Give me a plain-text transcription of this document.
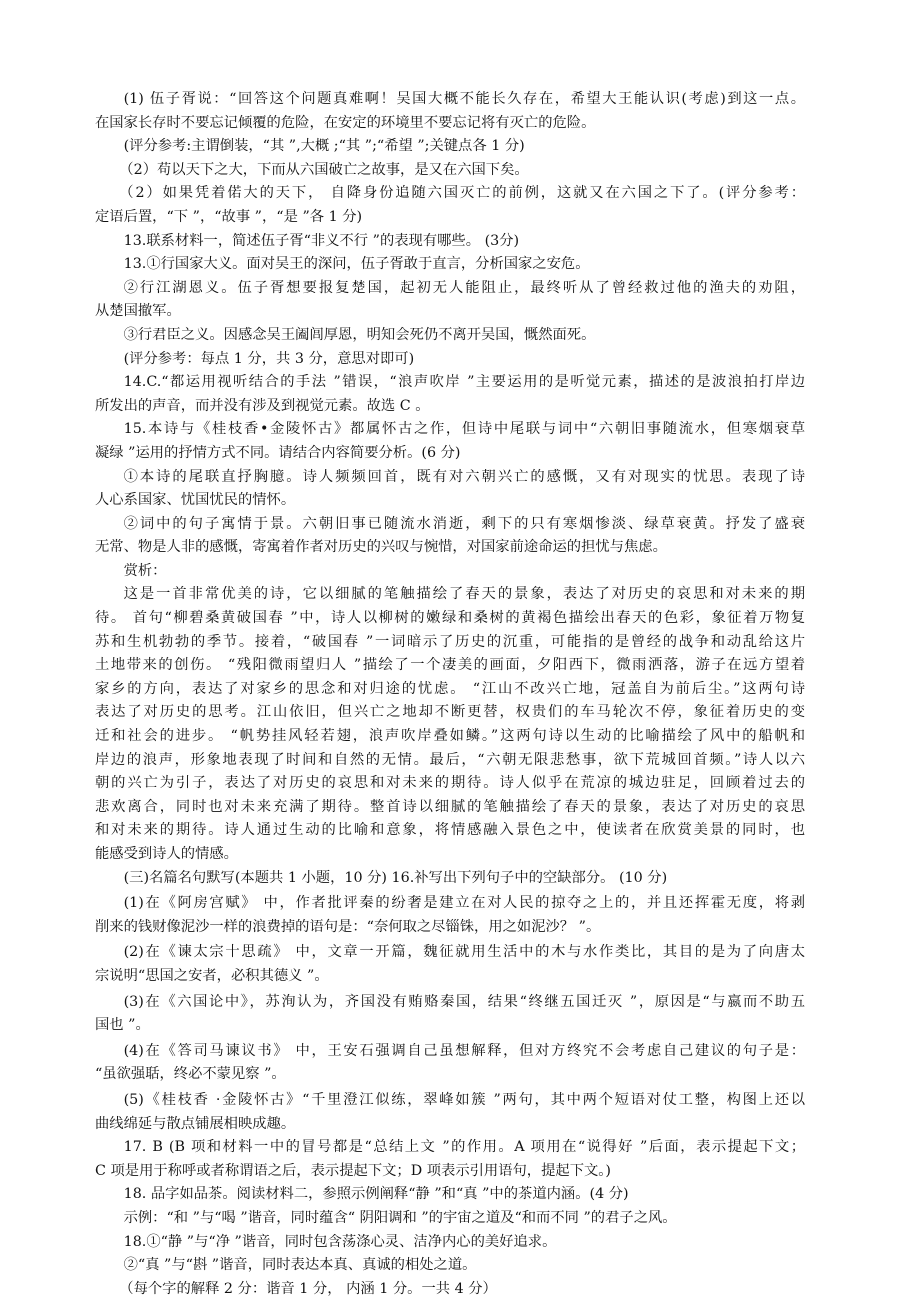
(1) 伍子胥说：“回答这个问题真难啊！吴国大概不能长久存在，希望大王能认识(考虑)到这一点。

在国家长存时不要忘记倾覆的危险，在安定的环境里不要忘记将有灭亡的危险。

(评分参考:主谓倒装，“其 ”,大概 ;“其 ”;“希望 ”;关键点各 1 分)

（2）苟以天下之大，下而从六国破亡之故事，是又在六国下矣。

（2）如果凭着偌大的天下， 自降身份追随六国灭亡的前例，这就又在六国之下了。(评分参考：

定语后置，“下 ”，“故事 ”，“是 ”各 1 分)

13.联系材料一，简述伍子胥“非义不行 ”的表现有哪些。 (3分)

13.①行国家大义。面对吴王的深问，伍子胥敢于直言，分析国家之安危。

②行江湖恩义。伍子胥想要报复楚国，起初无人能阻止，最终听从了曾经救过他的渔夫的劝阻，

从楚国撤军。

③行君臣之义。因感念吴王阖闾厚恩，明知会死仍不离开吴国，慨然面死。

(评分参考：每点 1 分，共 3 分，意思对即可)

14.C.“都运用视听结合的手法 ”错误，“浪声吹岸 ”主要运用的是听觉元素，描述的是波浪拍打岸边

所发出的声音，而并没有涉及到视觉元素。故选 C 。

15.本诗与《桂枝香•金陵怀古》都属怀古之作，但诗中尾联与词中“六朝旧事随流水，但寒烟衰草

凝绿 ”运用的抒情方式不同。请结合内容简要分析。(6 分)

①本诗的尾联直抒胸臆。诗人频频回首，既有对六朝兴亡的感慨，又有对现实的忧思。表现了诗

人心系国家、忧国忧民的情怀。

②词中的句子寓情于景。六朝旧事已随流水消逝，剩下的只有寒烟惨淡、绿草衰黄。抒发了盛衰

无常、物是人非的感慨，寄寓着作者对历史的兴叹与惋惜，对国家前途命运的担忧与焦虑。

赏析：

这是一首非常优美的诗，它以细腻的笔触描绘了春天的景象，表达了对历史的哀思和对未来的期

待。 首句“柳碧桑黄破国春 ”中，诗人以柳树的嫩绿和桑树的黄褐色描绘出春天的色彩，象征着万物复

苏和生机勃勃的季节。接着，“破国春 ”一词暗示了历史的沉重，可能指的是曾经的战争和动乱给这片

土地带来的创伤。 “残阳微雨望归人 ”描绘了一个凄美的画面，夕阳西下，微雨洒落，游子在远方望着

家乡的方向，表达了对家乡的思念和对归途的忧虑。 “江山不改兴亡地，冠盖自为前后尘。”这两句诗

表达了对历史的思考。江山依旧，但兴亡之地却不断更替，权贵们的车马轮次不停，象征着历史的变

迁和社会的进步。 “帆势挂风轻若翅，浪声吹岸叠如鳞。”这两句诗以生动的比喻描绘了风中的船帆和

岸边的浪声，形象地表现了时间和自然的无情。最后，“六朝无限悲愁事，欲下荒城回首频。”诗人以六

朝的兴亡为引子，表达了对历史的哀思和对未来的期待。诗人似乎在荒凉的城边驻足，回顾着过去的

悲欢离合，同时也对未来充满了期待。整首诗以细腻的笔触描绘了春天的景象，表达了对历史的哀思

和对未来的期待。诗人通过生动的比喻和意象，将情感融入景色之中，使读者在欣赏美景的同时，也

能感受到诗人的情感。

(三)名篇名句默写(本题共 1 小题，10 分) 16.补写出下列句子中的空缺部分。 (10 分)

(1)在《阿房宫赋》 中，作者批评秦的纷奢是建立在对人民的掠夺之上的，并且还挥霍无度，将剥

削来的钱财像泥沙一样的浪费掉的语句是：“奈何取之尽锱铢，用之如泥沙？ ”。

(2)在《谏太宗十思疏》 中，文章一开篇，魏征就用生活中的木与水作类比，其目的是为了向唐太

宗说明“思国之安者，必积其德义 ”。

(3)在《六国论中》，苏洵认为，齐国没有贿赂秦国，结果“终继五国迁灭 ”，原因是“与嬴而不助五

国也 ”。

(4)在《答司马谏议书》 中，王安石强调自己虽想解释，但对方终究不会考虑自己建议的句子是：

“虽欲强聒，终必不蒙见察 ”。

(5)《桂枝香 ·金陵怀古》“千里澄江似练，翠峰如簇 ”两句，其中两个短语对仗工整，构图上还以

曲线绵延与散点铺展相映成趣。

17. B (B 项和材料一中的冒号都是“总结上文 ”的作用。A 项用在“说得好 ”后面，表示提起下文；

C 项是用于称呼或者称谓语之后，表示提起下文；D 项表示引用语句，提起下文。)

18. 品字如品茶。阅读材料二，参照示例阐释“静 ”和“真 ”中的茶道内涵。(4 分)

示例：“和 ”与“喝 ”谐音，同时蕴含“ 阴阳调和 ”的宇宙之道及“和而不同 ”的君子之风。

18.①“静 ”与“净 ”谐音，同时包含荡涤心灵、洁净内心的美好追求。

②“真 ”与“斟 ”谐音，同时表达本真、真诚的相处之道。

（每个字的解释 2 分：谐音 1 分， 内涵 1 分。一共 4 分）
